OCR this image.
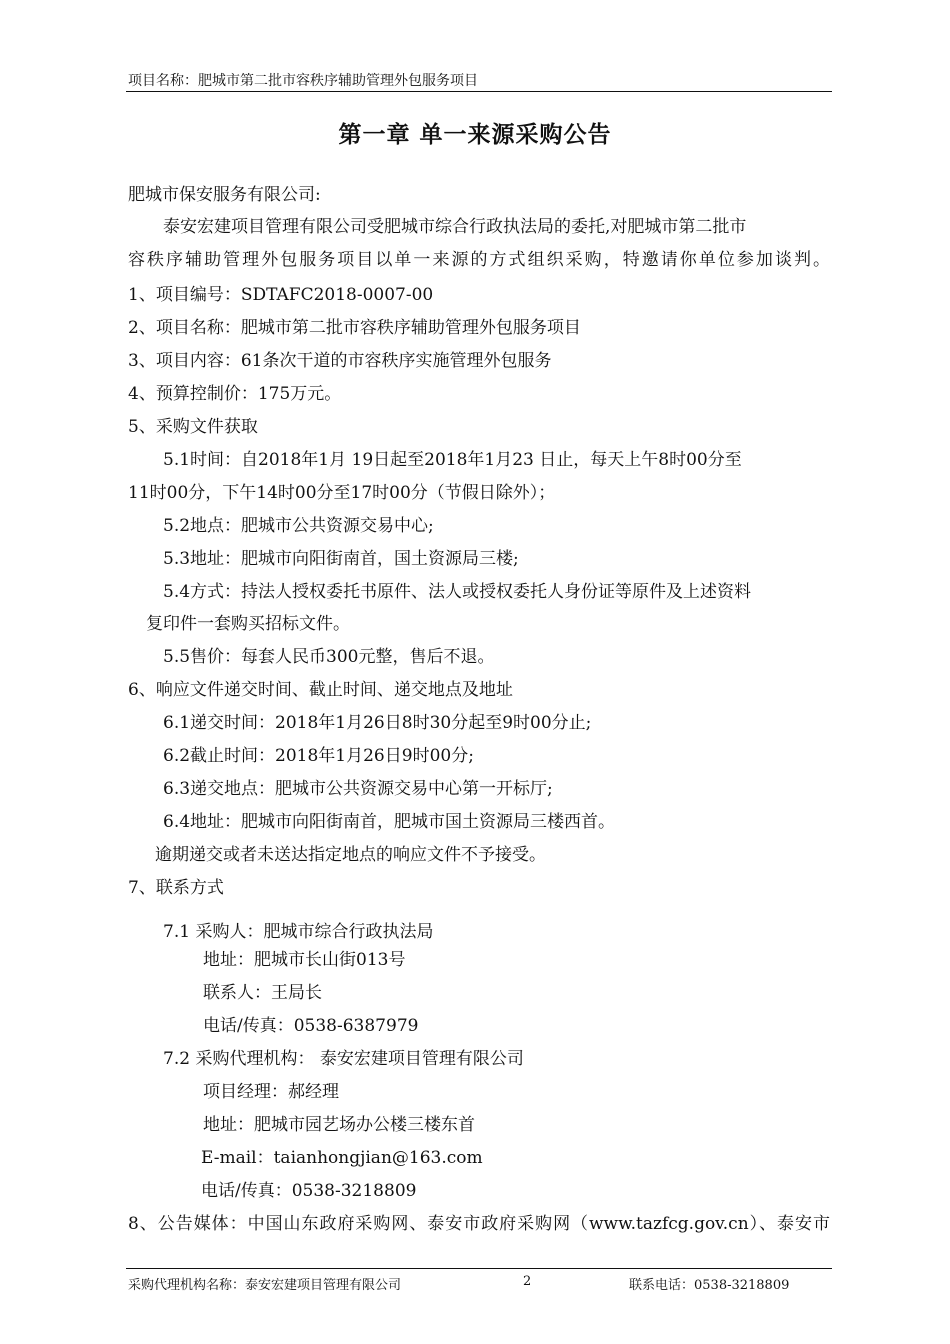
项目名称：肥城市第二批市容秩序辅助管理外包服务项目
第一章 单一来源采购公告
肥城市保安服务有限公司:
泰安宏建项目管理有限公司受肥城市综合行政执法局的委托,对肥城市第二批市
容秩序辅助管理外包服务项目以单一来源的方式组织采购，特邀请你单位参加谈判。
1、项目编号：SDTAFC2018-0007-00
2、项目名称：肥城市第二批市容秩序辅助管理外包服务项目
3、项目内容：61条次干道的市容秩序实施管理外包服务
4、预算控制价：175万元。
5、采购文件获取
5.1时间：自2018年1月 19日起至2018年1月23 日止，每天上午8时00分至
11时00分，下午14时00分至17时00分（节假日除外）；
5.2地点：肥城市公共资源交易中心;
5.3地址：肥城市向阳街南首，国土资源局三楼;
5.4方式：持法人授权委托书原件、法人或授权委托人身份证等原件及上述资料
复印件一套购买招标文件。
5.5售价：每套人民币300元整，售后不退。
6、响应文件递交时间、截止时间、递交地点及地址
6.1递交时间：2018年1月26日8时30分起至9时00分止;
6.2截止时间：2018年1月26日9时00分;
6.3递交地点：肥城市公共资源交易中心第一开标厅;
6.4地址：肥城市向阳街南首，肥城市国土资源局三楼西首。
逾期递交或者未送达指定地点的响应文件不予接受。
7、联系方式
7.1 采购人：肥城市综合行政执法局
地址：肥城市长山街013号
联系人：王局长
电话/传真：0538-6387979
7.2 采购代理机构： 泰安宏建项目管理有限公司
项目经理：郝经理
地址：肥城市园艺场办公楼三楼东首
E-mail：taianhongjian@163.com
电话/传真：0538-3218809
8、公告媒体：中国山东政府采购网、泰安市政府采购网（www.tazfcg.gov.cn）、泰安市
采购代理机构名称：泰安宏建项目管理有限公司	2	联系电话：0538-3218809
